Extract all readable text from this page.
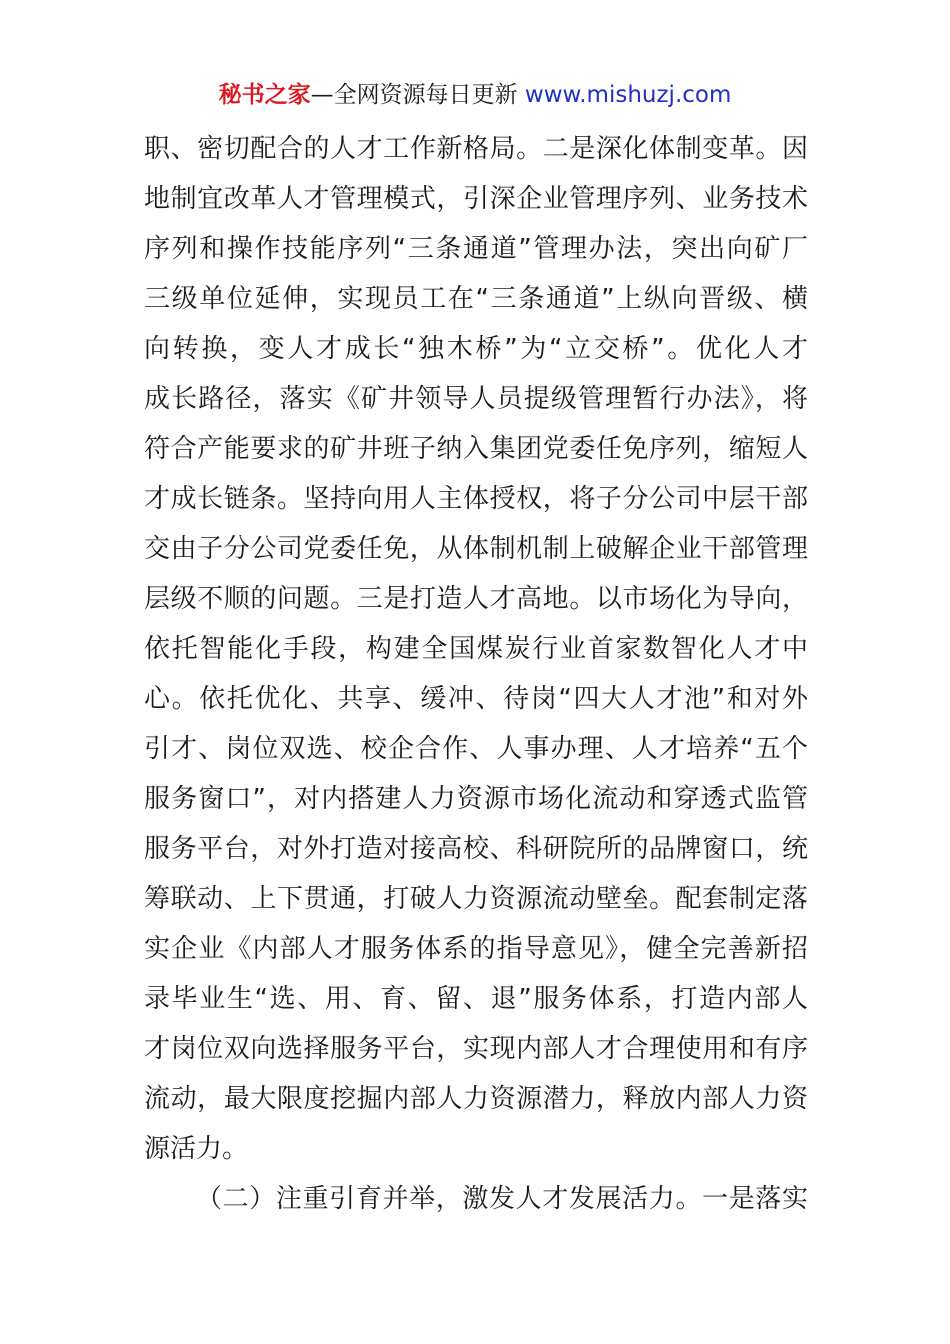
秘书之家—全网资源每日更新 www.mishuzj.com
职、密切配合的人才工作新格局。二是深化体制变革。因
地制宜改革人才管理模式，引深企业管理序列、业务技术
序列和操作技能序列“三条通道”管理办法，突出向矿厂
三级单位延伸，实现员工在“三条通道”上纵向晋级、横
向转换，变人才成长“独木桥”为“立交桥”。优化人才
成长路径，落实《矿井领导人员提级管理暂行办法》，将
符合产能要求的矿井班子纳入集团党委任免序列，缩短人
才成长链条。坚持向用人主体授权，将子分公司中层干部
交由子分公司党委任免，从体制机制上破解企业干部管理
层级不顺的问题。三是打造人才高地。以市场化为导向，
依托智能化手段，构建全国煤炭行业首家数智化人才中
心。依托优化、共享、缓冲、待岗“四大人才池”和对外
引才、岗位双选、校企合作、人事办理、人才培养“五个
服务窗口”，对内搭建人力资源市场化流动和穿透式监管
服务平台，对外打造对接高校、科研院所的品牌窗口，统
筹联动、上下贯通，打破人力资源流动壁垒。配套制定落
实企业《内部人才服务体系的指导意见》，健全完善新招
录毕业生“选、用、育、留、退”服务体系，打造内部人
才岗位双向选择服务平台，实现内部人才合理使用和有序
流动，最大限度挖掘内部人力资源潜力，释放内部人力资
源活力。
（二）注重引育并举，激发人才发展活力。一是落实
